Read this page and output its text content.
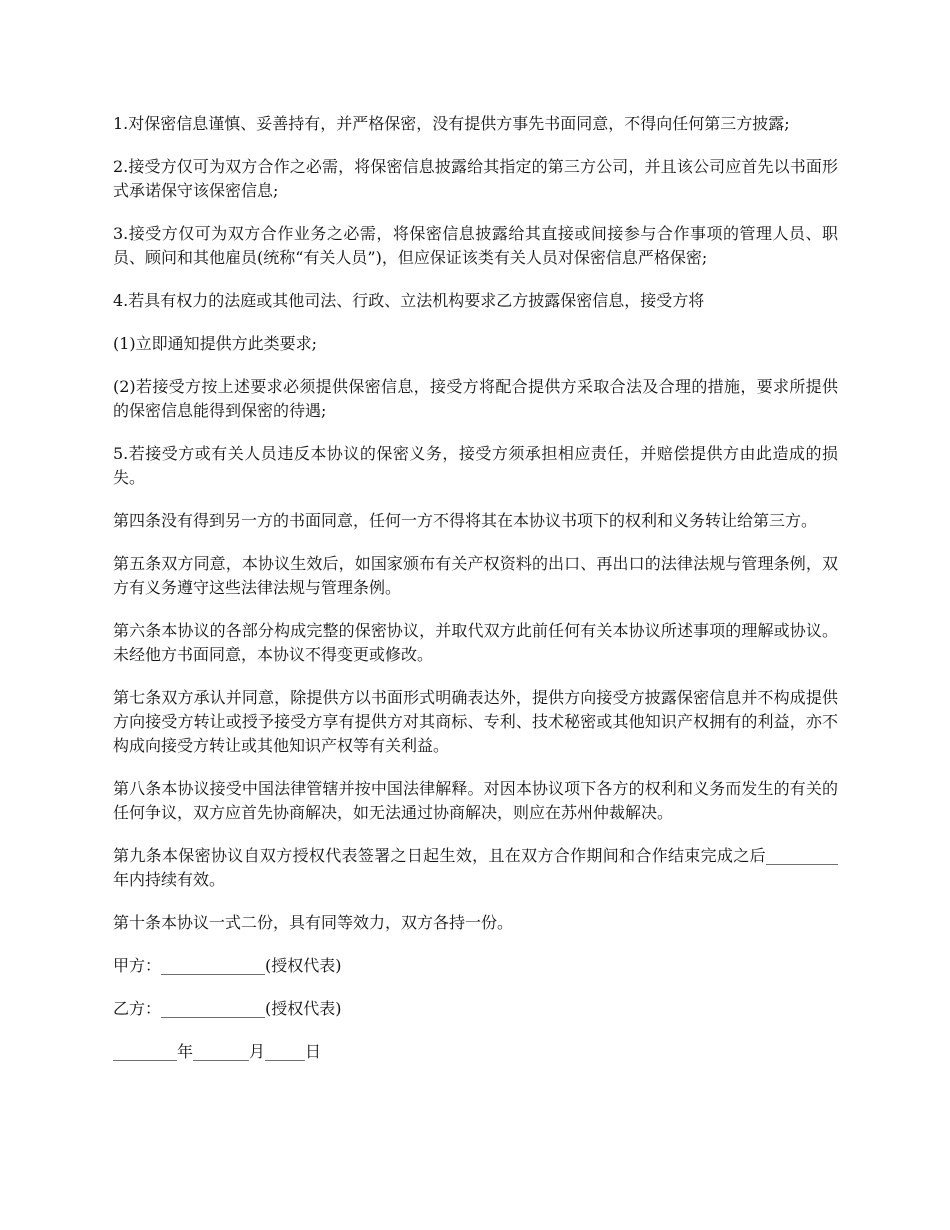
1.对保密信息谨慎、妥善持有，并严格保密，没有提供方事先书面同意，不得向任何第三方披露;

2.接受方仅可为双方合作之必需，将保密信息披露给其指定的第三方公司，并且该公司应首先以书面形式承诺保守该保密信息;

3.接受方仅可为双方合作业务之必需，将保密信息披露给其直接或间接参与合作事项的管理人员、职员、顾问和其他雇员(统称“有关人员”)，但应保证该类有关人员对保密信息严格保密;

4.若具有权力的法庭或其他司法、行政、立法机构要求乙方披露保密信息，接受方将

(1)立即通知提供方此类要求;

(2)若接受方按上述要求必须提供保密信息，接受方将配合提供方采取合法及合理的措施，要求所提供的保密信息能得到保密的待遇;

5.若接受方或有关人员违反本协议的保密义务，接受方须承担相应责任，并赔偿提供方由此造成的损失。

第四条没有得到另一方的书面同意，任何一方不得将其在本协议书项下的权利和义务转让给第三方。

第五条双方同意，本协议生效后，如国家颁布有关产权资料的出口、再出口的法律法规与管理条例，双方有义务遵守这些法律法规与管理条例。

第六条本协议的各部分构成完整的保密协议，并取代双方此前任何有关本协议所述事项的理解或协议。未经他方书面同意，本协议不得变更或修改。

第七条双方承认并同意，除提供方以书面形式明确表达外，提供方向接受方披露保密信息并不构成提供方向接受方转让或授予接受方享有提供方对其商标、专利、技术秘密或其他知识产权拥有的利益，亦不构成向接受方转让或其他知识产权等有关利益。

第八条本协议接受中国法律管辖并按中国法律解释。对因本协议项下各方的权利和义务而发生的有关的任何争议，双方应首先协商解决，如无法通过协商解决，则应在苏州仲裁解决。

第九条本保密协议自双方授权代表签署之日起生效，且在双方合作期间和合作结束完成之后_________年内持续有效。

第十条本协议一式二份，具有同等效力，双方各持一份。

甲方：_____________(授权代表)

乙方：_____________(授权代表)

________年_______月_____日
